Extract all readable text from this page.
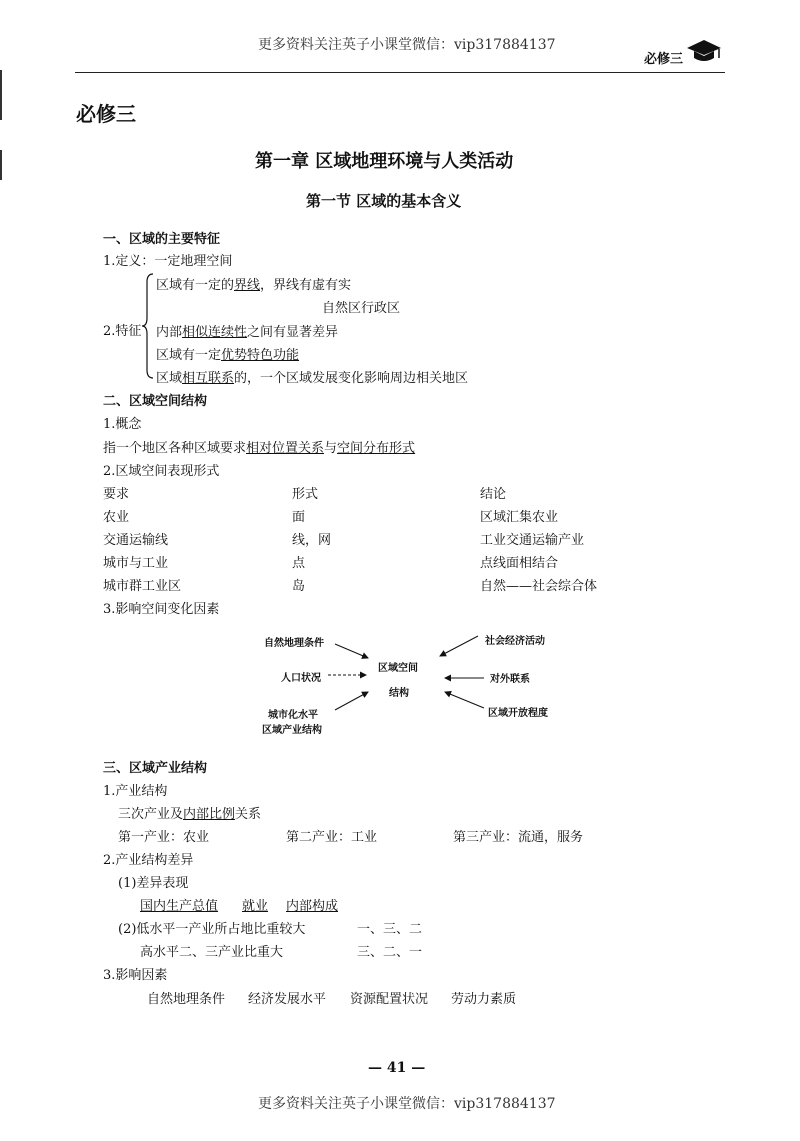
更多资料关注英子小课堂微信：vip317884137
必修三
必修三
第一章 区域地理环境与人类活动
第一节 区域的基本含义
一、区域的主要特征
1.定义：一定地理空间
2.特征
区域有一定的界线，界线有虚有实
自然区行政区
内部相似连续性之间有显著差异
区域有一定优势特色功能
区域相互联系的，一个区域发展变化影响周边相关地区
二、区域空间结构
1.概念
指一个地区各种区域要求相对位置关系与空间分布形式
2.区域空间表现形式
要求	形式	结论
农业	面	区域汇集农业
交通运输线	线，网	工业交通运输产业
城市与工业	点	点线面相结合
城市群工业区	岛	自然——社会综合体
3.影响空间变化因素
区域空间
结构
自然地理条件
人口状况
城市化水平
区域产业结构
社会经济活动
对外联系
区域开放程度
三、区域产业结构
1.产业结构
三次产业及内部比例关系
第一产业：农业	第二产业：工业	第三产业：流通，服务
2.产业结构差异
(1)差异表现
国内生产总值 就业 内部构成
(2)低水平一产业所占地比重较大	一、三、二
高水平二、三产业比重大	三、二、一
3.影响因素
自然地理条件 经济发展水平 资源配置状况 劳动力素质
— 41 —
更多资料关注英子小课堂微信：vip317884137
